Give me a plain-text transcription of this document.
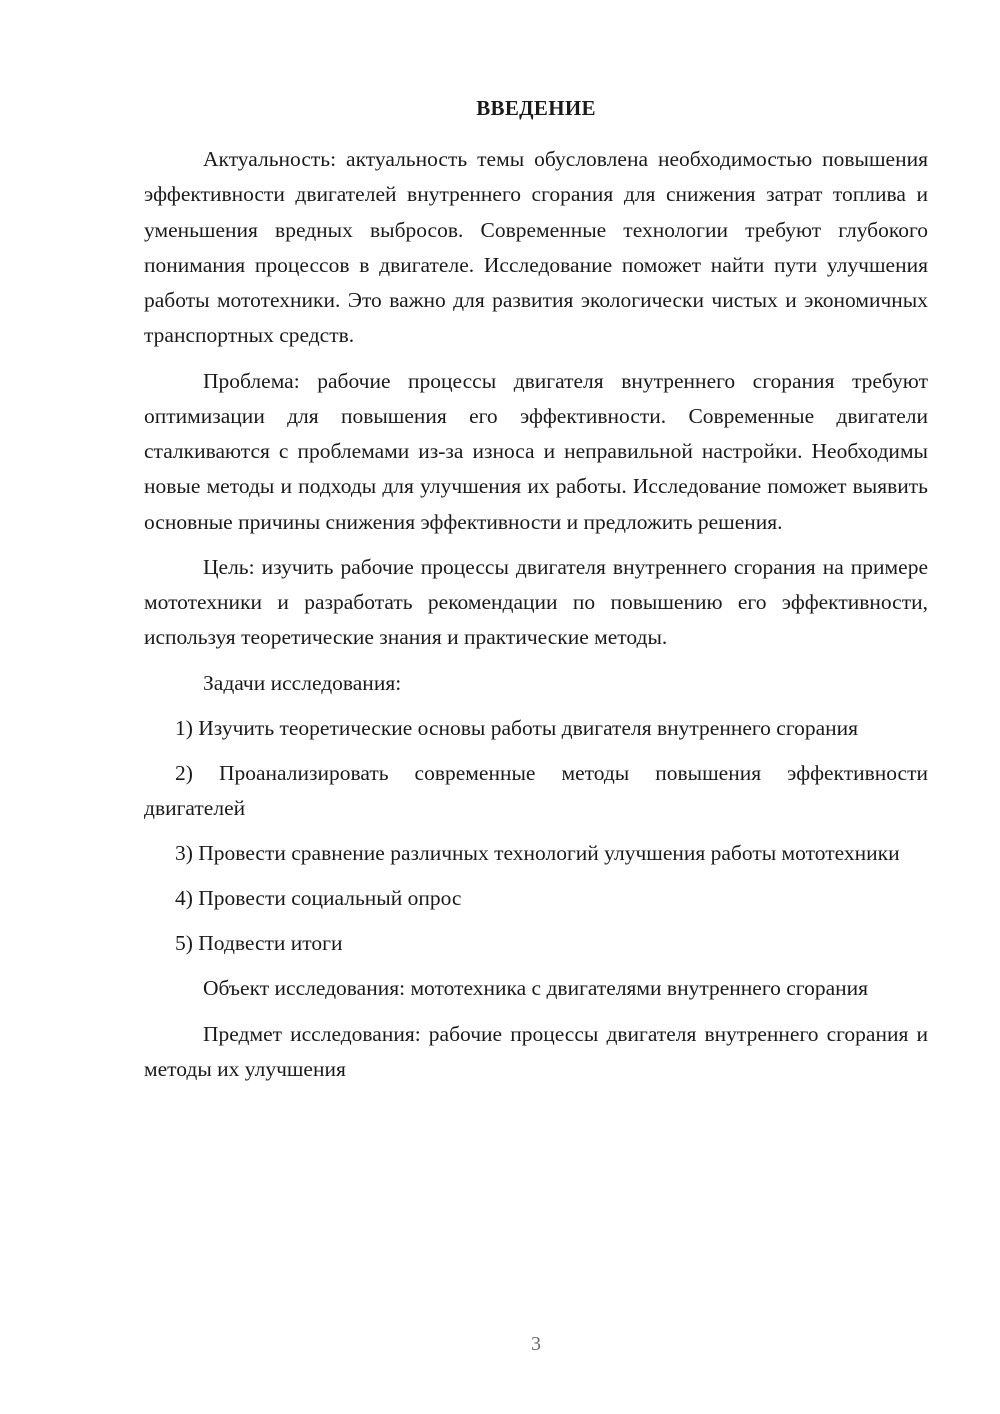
ВВЕДЕНИЕ

Актуальность: актуальность темы обусловлена необходимостью повышения эффективности двигателей внутреннего сгорания для снижения затрат топлива и уменьшения вредных выбросов. Современные технологии требуют глубокого понимания процессов в двигателе. Исследование поможет найти пути улучшения работы мототехники. Это важно для развития экологически чистых и экономичных транспортных средств.

Проблема: рабочие процессы двигателя внутреннего сгорания требуют оптимизации для повышения его эффективности. Современные двигатели сталкиваются с проблемами из-за износа и неправильной настройки. Необходимы новые методы и подходы для улучшения их работы. Исследование поможет выявить основные причины снижения эффективности и предложить решения.

Цель: изучить рабочие процессы двигателя внутреннего сгорания на примере мототехники и разработать рекомендации по повышению его эффективности, используя теоретические знания и практические методы.

Задачи исследования:

1) Изучить теоретические основы работы двигателя внутреннего сгорания

2) Проанализировать современные методы повышения эффективности двигателей

3) Провести сравнение различных технологий улучшения работы мототехники

4) Провести социальный опрос

5) Подвести итоги

Объект исследования: мототехника с двигателями внутреннего сгорания

Предмет исследования: рабочие процессы двигателя внутреннего сгорания и методы их улучшения

3
